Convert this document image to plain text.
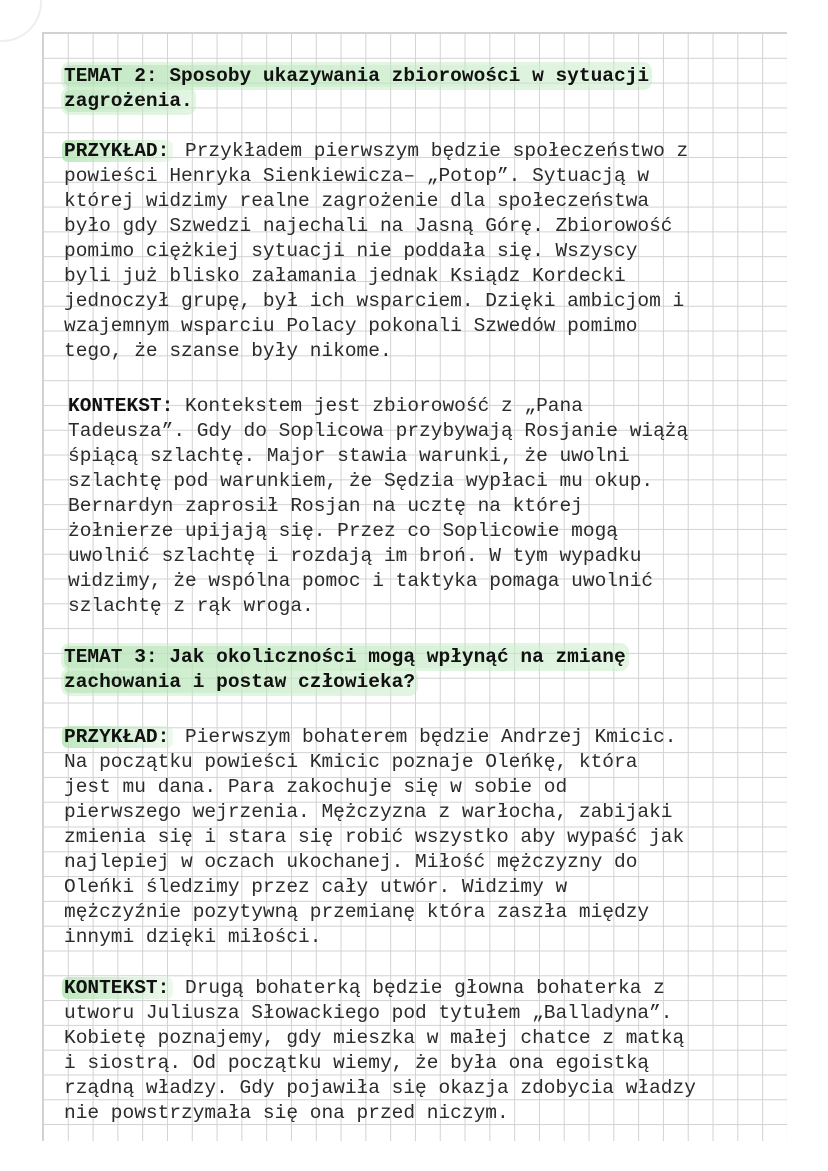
TEMAT 2: Sposoby ukazywania zbiorowości w sytuacji
zagrożenia.

PRZYKŁAD: Przykładem pierwszym będzie społeczeństwo z
powieści Henryka Sienkiewicza– „Potop”. Sytuacją w
której widzimy realne zagrożenie dla społeczeństwa
było gdy Szwedzi najechali na Jasną Górę. Zbiorowość
pomimo ciężkiej sytuacji nie poddała się. Wszyscy
byli już blisko załamania jednak Ksiądz Kordecki
jednoczył grupę, był ich wsparciem. Dzięki ambicjom i
wzajemnym wsparciu Polacy pokonali Szwedów pomimo
tego, że szanse były nikome.

KONTEKST: Kontekstem jest zbiorowość z „Pana
Tadeusza”. Gdy do Soplicowa przybywają Rosjanie wiążą
śpiącą szlachtę. Major stawia warunki, że uwolni
szlachtę pod warunkiem, że Sędzia wypłaci mu okup.
Bernardyn zaprosił Rosjan na ucztę na której
żołnierze upijają się. Przez co Soplicowie mogą
uwolnić szlachtę i rozdają im broń. W tym wypadku
widzimy, że wspólna pomoc i taktyka pomaga uwolnić
szlachtę z rąk wroga.

TEMAT 3: Jak okoliczności mogą wpłynąć na zmianę
zachowania i postaw człowieka?

PRZYKŁAD: Pierwszym bohaterem będzie Andrzej Kmicic.
Na początku powieści Kmicic poznaje Oleńkę, która
jest mu dana. Para zakochuje się w sobie od
pierwszego wejrzenia. Mężczyzna z warłocha, zabijaki
zmienia się i stara się robić wszystko aby wypaść jak
najlepiej w oczach ukochanej. Miłość mężczyzny do
Oleńki śledzimy przez cały utwór. Widzimy w
mężczyźnie pozytywną przemianę która zaszła między
innymi dzięki miłości.

KONTEKST: Drugą bohaterką będzie głowna bohaterka z
utworu Juliusza Słowackiego pod tytułem „Balladyna”.
Kobietę poznajemy, gdy mieszka w małej chatce z matką
i siostrą. Od początku wiemy, że była ona egoistką
rządną władzy. Gdy pojawiła się okazja zdobycia władzy
nie powstrzymała się ona przed niczym.
